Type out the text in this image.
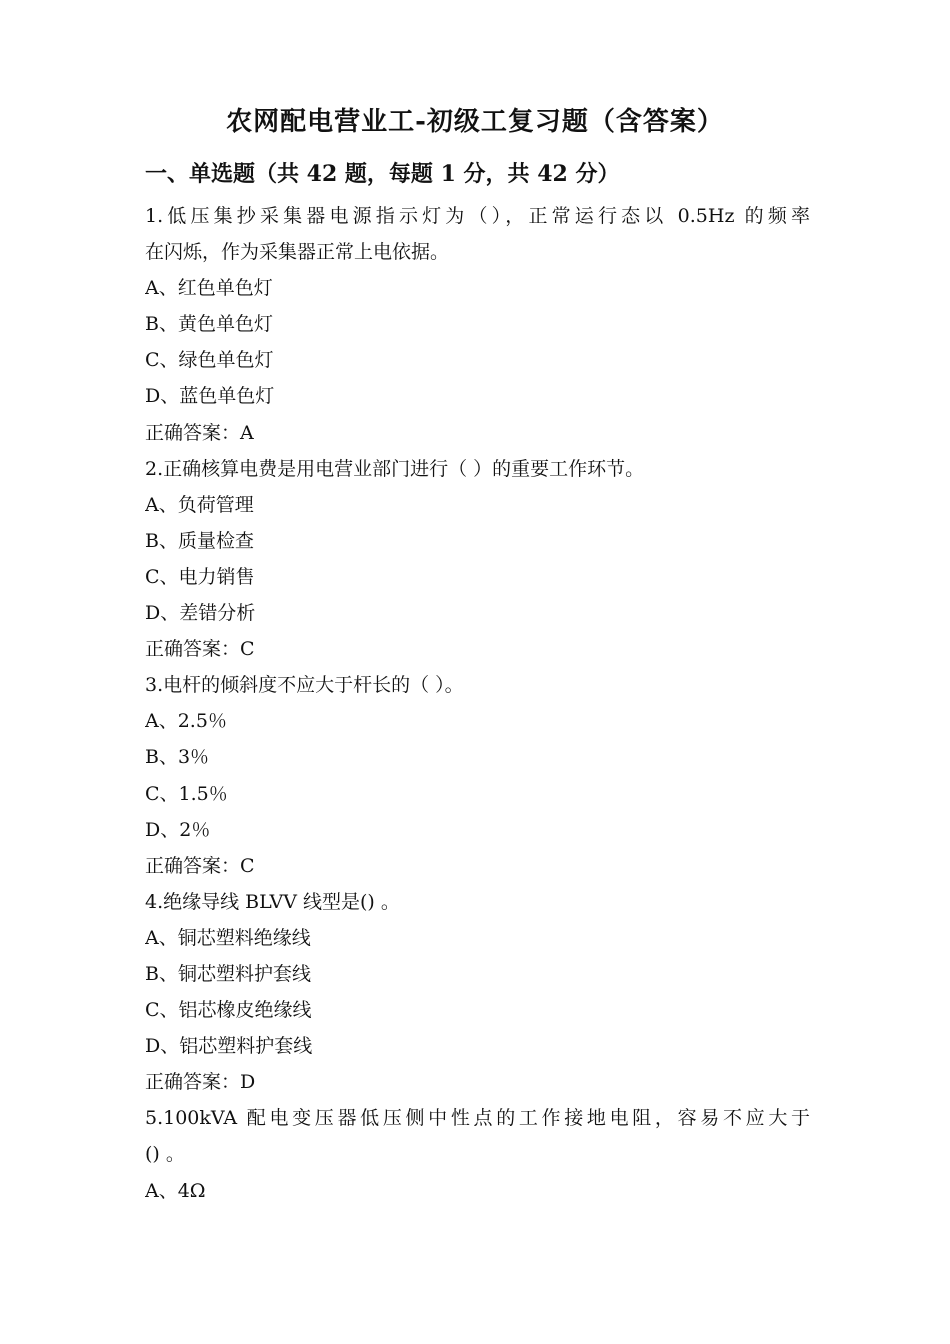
农网配电营业工-初级工复习题（含答案）
一、单选题（共 42 题，每题 1 分，共 42 分）
1.低压集抄采集器电源指示灯为（），正常运行态以 0.5Hz 的频率
在闪烁，作为采集器正常上电依据。
A、红色单色灯
B、黄色单色灯
C、绿色单色灯
D、蓝色单色灯
正确答案：A
2.正确核算电费是用电营业部门进行（ ）的重要工作环节。
A、负荷管理
B、质量检查
C、电力销售
D、差错分析
正确答案：C
3.电杆的倾斜度不应大于杆长的（ ）。
A、2.5％
B、3％
C、1.5％
D、2％
正确答案：C
4.绝缘导线 BLVV 线型是() 。
A、铜芯塑料绝缘线
B、铜芯塑料护套线
C、铝芯橡皮绝缘线
D、铝芯塑料护套线
正确答案：D
5.100kVA 配电变压器低压侧中性点的工作接地电阻，容易不应大于
() 。
A、4Ω
